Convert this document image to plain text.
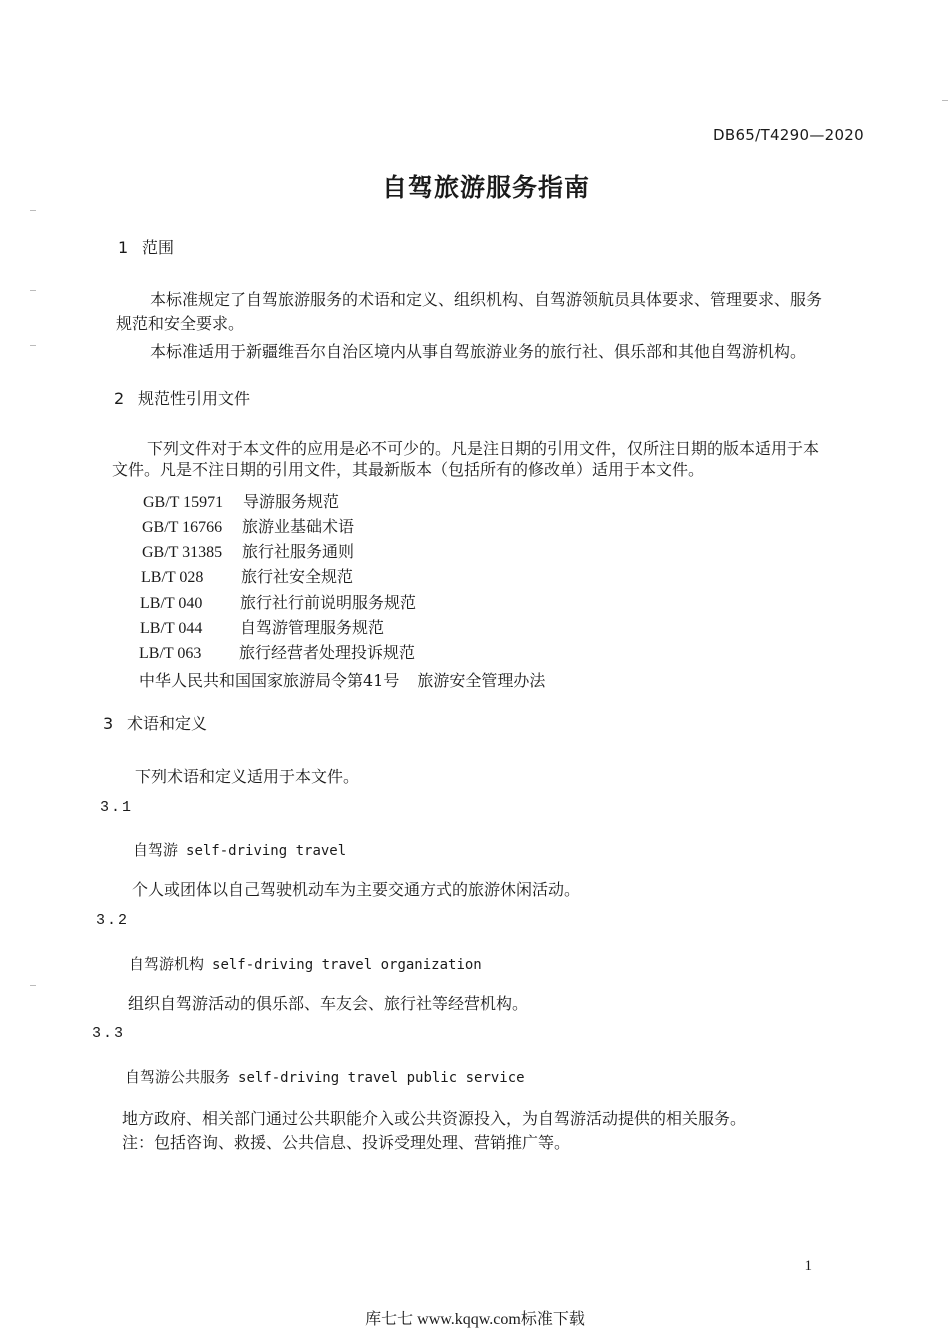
DB65/T4290—2020
自驾旅游服务指南
1 范围
本标准规定了自驾旅游服务的术语和定义、组织机构、自驾游领航员具体要求、管理要求、服务
规范和安全要求。
本标准适用于新疆维吾尔自治区境内从事自驾旅游业务的旅行社、俱乐部和其他自驾游机构。
2 规范性引用文件
下列文件对于本文件的应用是必不可少的。凡是注日期的引用文件，仅所注日期的版本适用于本
文件。凡是不注日期的引用文件，其最新版本（包括所有的修改单）适用于本文件。
GB/T 15971 导游服务规范
GB/T 16766 旅游业基础术语
GB/T 31385 旅行社服务通则
LB/T 028 旅行社安全规范
LB/T 040 旅行社行前说明服务规范
LB/T 044 自驾游管理服务规范
LB/T 063 旅行经营者处理投诉规范
中华人民共和国国家旅游局令第41号 旅游安全管理办法
3 术语和定义
下列术语和定义适用于本文件。
3.1
自驾游 self-driving travel
个人或团体以自己驾驶机动车为主要交通方式的旅游休闲活动。
3.2
自驾游机构 self-driving travel organization
组织自驾游活动的俱乐部、车友会、旅行社等经营机构。
3.3
自驾游公共服务 self-driving travel public service
地方政府、相关部门通过公共职能介入或公共资源投入，为自驾游活动提供的相关服务。
注：包括咨询、救援、公共信息、投诉受理处理、营销推广等。
1
库七七 www.kqqw.com标准下载
